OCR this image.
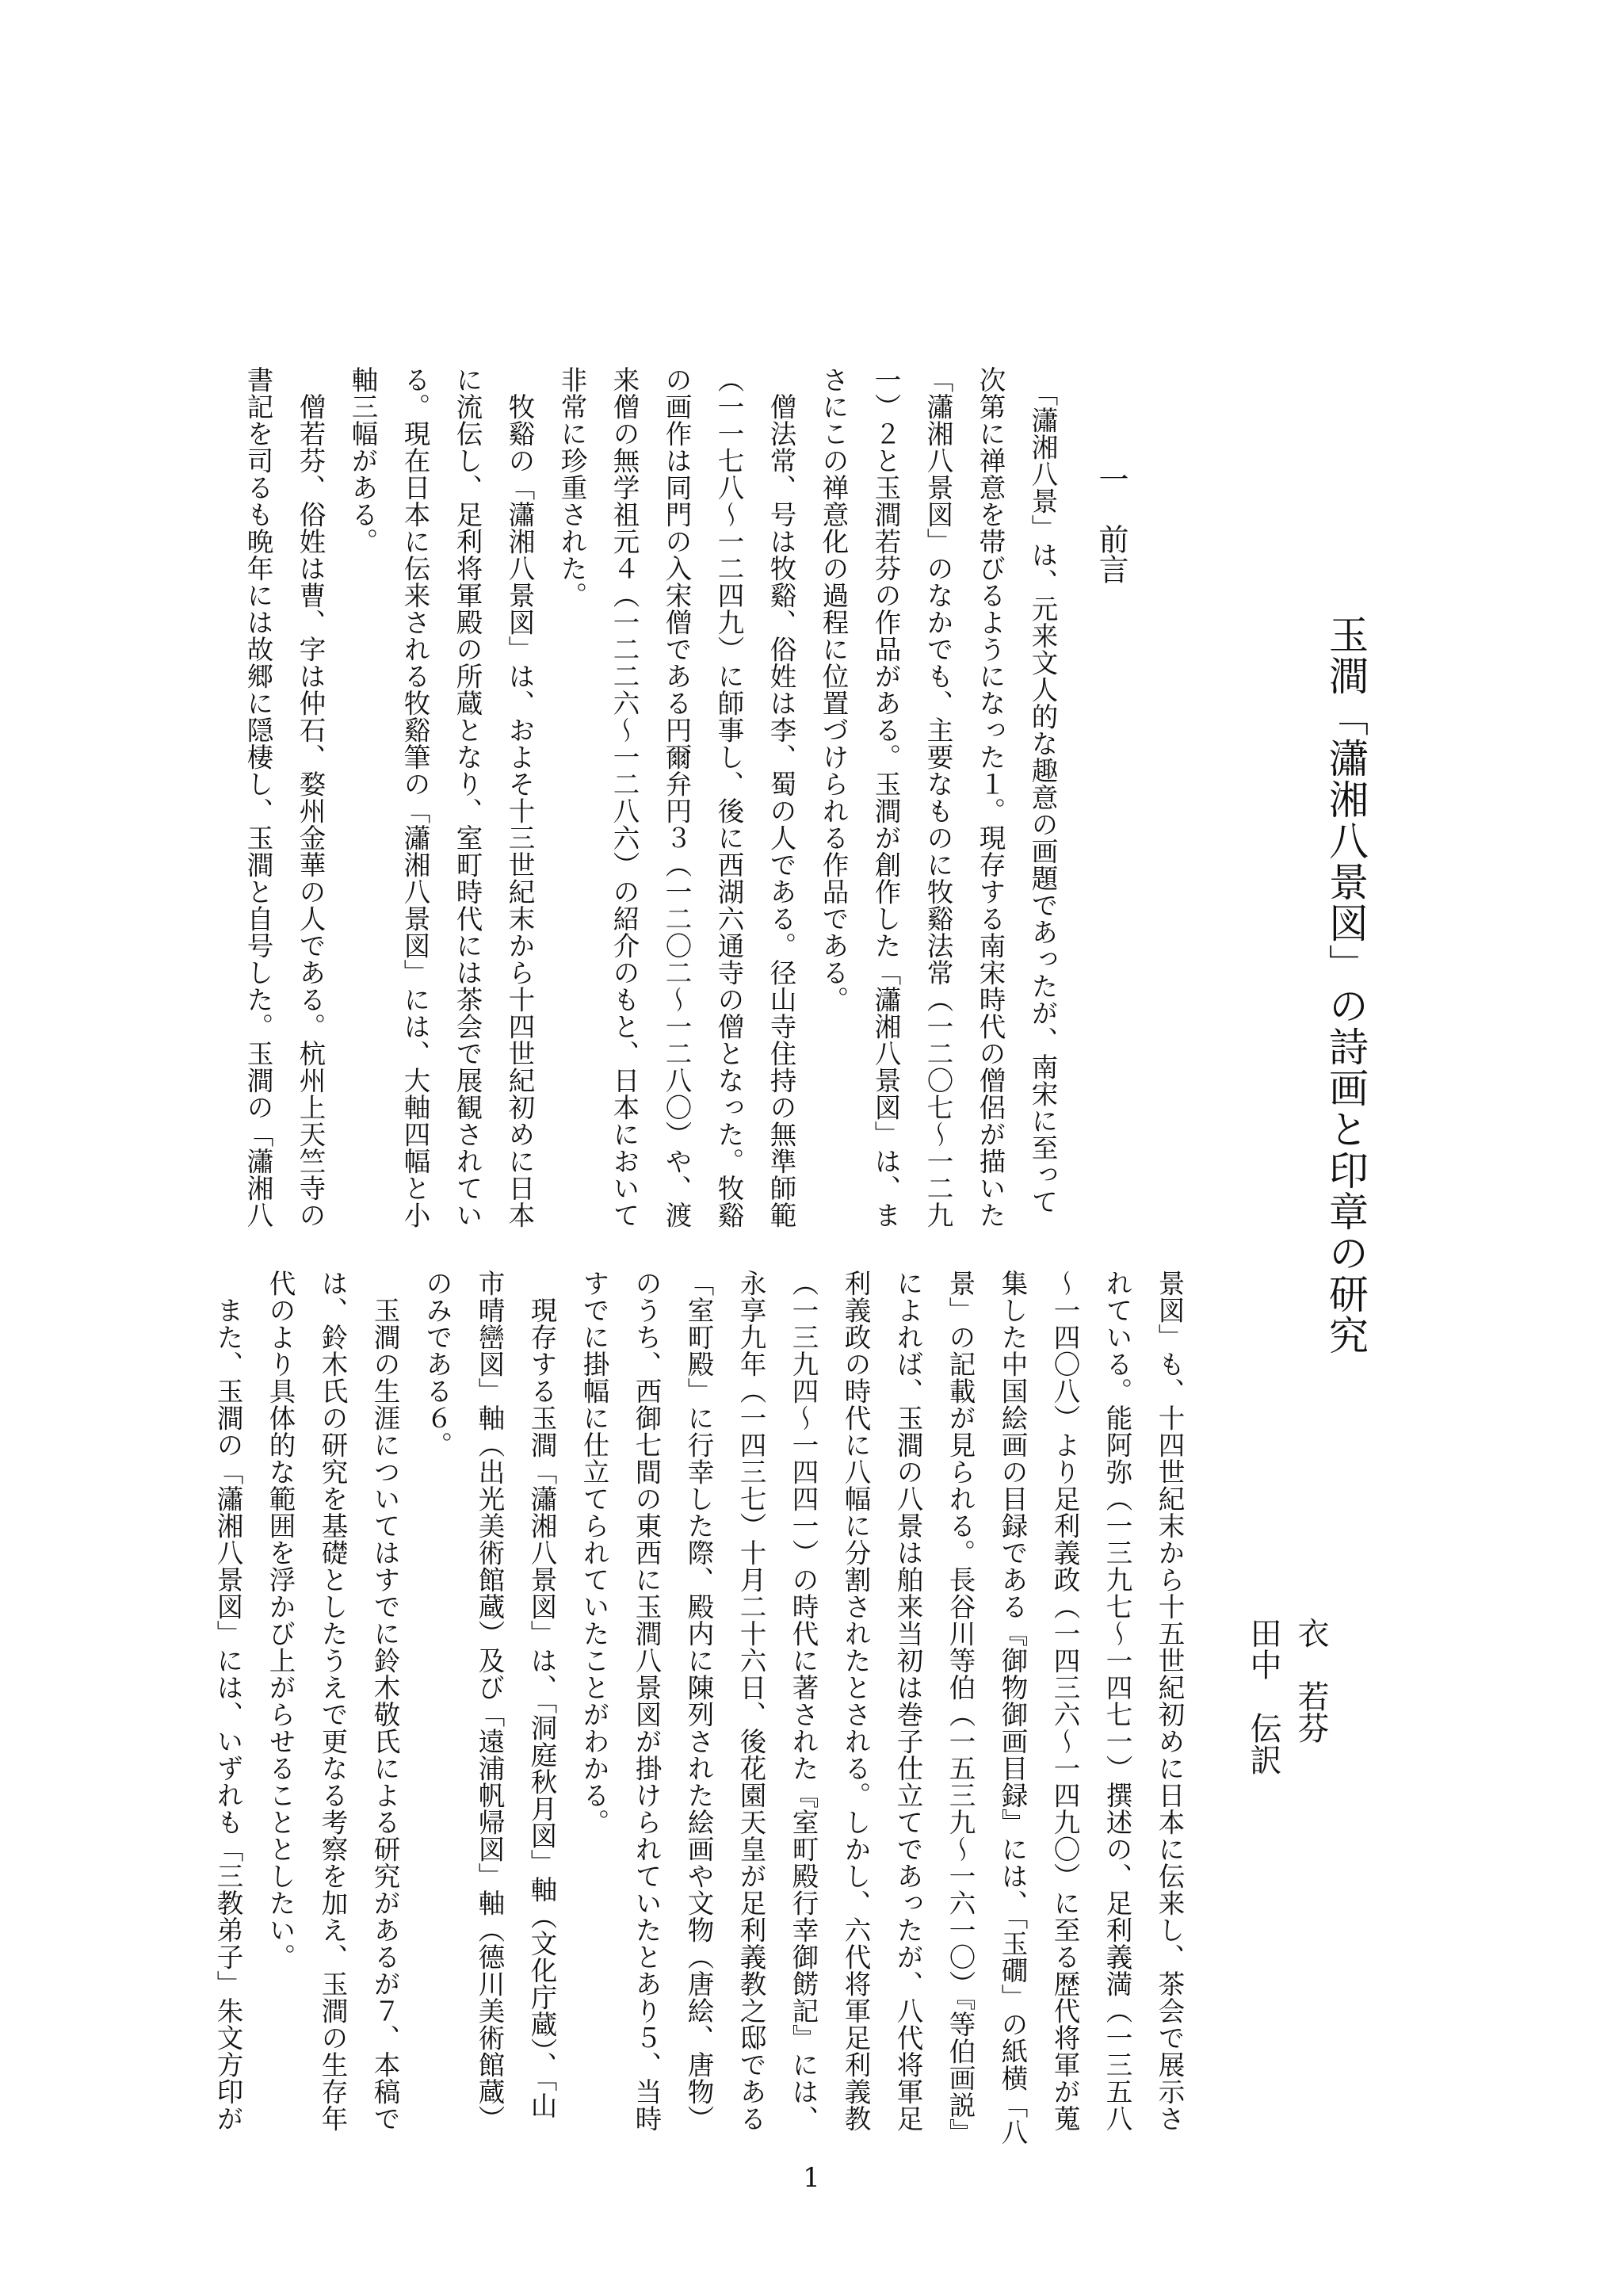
玉澗「瀟湘八景図」の詩画と印章の研究
衣　若芬
田中　伝訳
一　前言
　「瀟湘八景」は、元来文人的な趣意の画題であったが、南宋に至って
次第に禅意を帯びるようになった１。現存する南宋時代の僧侶が描いた
「瀟湘八景図」のなかでも、主要なものに牧谿法常（一二〇七～一二九
一）２と玉澗若芬の作品がある。玉澗が創作した「瀟湘八景図」は、ま
さにこの禅意化の過程に位置づけられる作品である。
　僧法常、号は牧谿、俗姓は李、蜀の人である。径山寺住持の無準師範
（一一七八～一二四九）に師事し、後に西湖六通寺の僧となった。牧谿
の画作は同門の入宋僧である円爾弁円３（一二〇二～一二八〇）や、渡
来僧の無学祖元４（一二二六～一二八六）の紹介のもと、日本において
非常に珍重された。
　牧谿の「瀟湘八景図」は、およそ十三世紀末から十四世紀初めに日本
に流伝し、足利将軍殿の所蔵となり、室町時代には茶会で展観されてい
る。現在日本に伝来される牧谿筆の「瀟湘八景図」には、大軸四幅と小
軸三幅がある。
　僧若芬、俗姓は曹、字は仲石、婺州金華の人である。杭州上天竺寺の
書記を司るも晩年には故郷に隠棲し、玉澗と自号した。玉澗の「瀟湘八
景図」も、十四世紀末から十五世紀初めに日本に伝来し、茶会で展示さ
れている。能阿弥（一三九七～一四七一）撰述の、足利義満（一三五八
～一四〇八）より足利義政（一四三六～一四九〇）に至る歴代将軍が蒐
集した中国絵画の目録である『御物御画目録』には、「玉礀」の紙横「八
景」の記載が見られる。長谷川等伯（一五三九～一六一〇）『等伯画説』
によれば、玉澗の八景は舶来当初は巻子仕立てであったが、八代将軍足
利義政の時代に八幅に分割されたとされる。しかし、六代将軍足利義教
（一三九四～一四四一）の時代に著された『室町殿行幸御餝記』には、
永享九年（一四三七）十月二十六日、後花園天皇が足利義教之邸である
「室町殿」に行幸した際、殿内に陳列された絵画や文物（唐絵、唐物）
のうち、西御七間の東西に玉澗八景図が掛けられていたとあり５、当時
すでに掛幅に仕立てられていたことがわかる。
　現存する玉澗「瀟湘八景図」は、「洞庭秋月図」軸（文化庁蔵）、「山
市晴巒図」軸（出光美術館蔵）及び「遠浦帆帰図」軸（德川美術館蔵）
のみである６。
　玉澗の生涯についてはすでに鈴木敬氏による研究があるが７、本稿で
は、鈴木氏の研究を基礎としたうえで更なる考察を加え、玉澗の生存年
代のより具体的な範囲を浮かび上がらせることとしたい。
　また、玉澗の「瀟湘八景図」には、いずれも「三教弟子」朱文方印が
1
